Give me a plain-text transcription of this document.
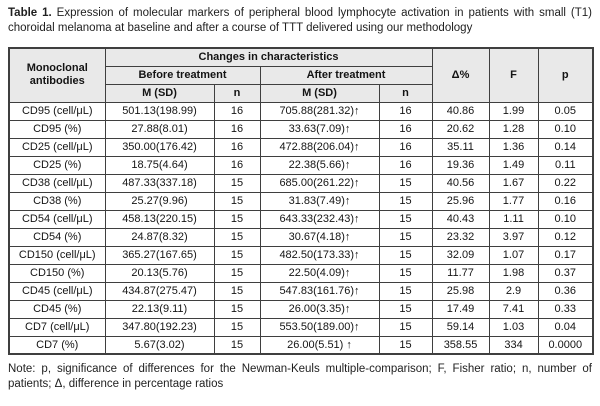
Table 1. Expression of molecular markers of peripheral blood lymphocyte activation in patients with small (T1) choroidal melanoma at baseline and after a course of TTT delivered using our methodology

Monoclonal antibodies	Changes in characteristics				Δ%	F	p
	Before treatment		After treatment				
	M (SD)	n	M (SD)	n			
CD95 (cell/μL)	501.13(198.99)	16	705.88(281.32)↑	16	40.86	1.99	0.05
CD95 (%)	27.88(8.01)	16	33.63(7.09)↑	16	20.62	1.28	0.10
CD25 (cell/μL)	350.00(176.42)	16	472.88(206.04)↑	16	35.11	1.36	0.14
CD25 (%)	18.75(4.64)	16	22.38(5.66)↑	16	19.36	1.49	0.11
CD38 (cell/μL)	487.33(337.18)	15	685.00(261.22)↑	15	40.56	1.67	0.22
CD38 (%)	25.27(9.96)	15	31.83(7.49)↑	15	25.96	1.77	0.16
CD54 (cell/μL)	458.13(220.15)	15	643.33(232.43)↑	15	40.43	1.11	0.10
CD54 (%)	24.87(8.32)	15	30.67(4.18)↑	15	23.32	3.97	0.12
CD150 (cell/μL)	365.27(167.65)	15	482.50(173.33)↑	15	32.09	1.07	0.17
CD150 (%)	20.13(5.76)	15	22.50(4.09)↑	15	11.77	1.98	0.37
CD45 (cell/μL)	434.87(275.47)	15	547.83(161.76)↑	15	25.98	2.9	0.36
CD45 (%)	22.13(9.11)	15	26.00(3.35)↑	15	17.49	7.41	0.33
CD7 (cell/μL)	347.80(192.23)	15	553.50(189.00)↑	15	59.14	1.03	0.04
CD7 (%)	5.67(3.02)	15	26.00(5.51) ↑	15	358.55	334	0.0000

Note: p, significance of differences for the Newman-Keuls multiple-comparison; F, Fisher ratio; n, number of patients; Δ, difference in percentage ratios
